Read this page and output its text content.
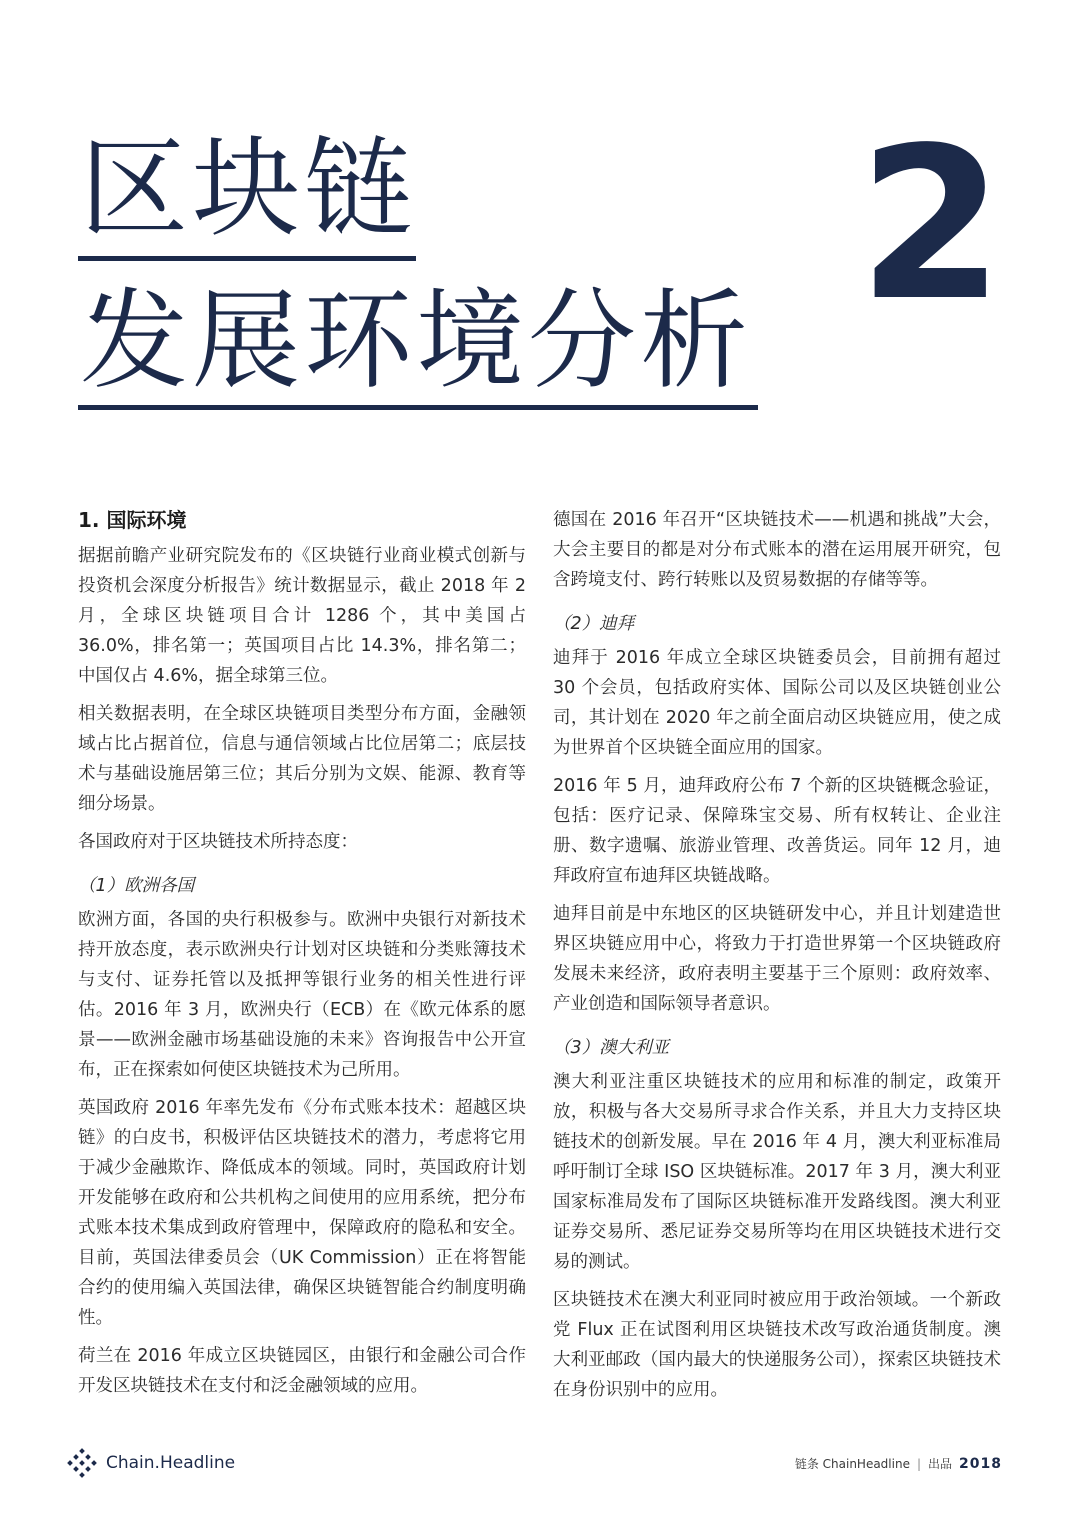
区块链
发展环境分析 2
1. 国际环境

据据前瞻产业研究院发布的《区块链行业商业模式创新与投资机会深度分析报告》统计数据显示，截止 2018 年 2 月，全球区块链项目合计 1286 个，其中美国占 36.0%，排名第一；英国项目占比 14.3%，排名第二；中国仅占 4.6%，据全球第三位。

相关数据表明，在全球区块链项目类型分布方面，金融领域占比占据首位，信息与通信领域占比位居第二；底层技术与基础设施居第三位；其后分别为文娱、能源、教育等细分场景。

各国政府对于区块链技术所持态度：

（1）欧洲各国

欧洲方面，各国的央行积极参与。欧洲中央银行对新技术持开放态度，表示欧洲央行计划对区块链和分类账簿技术与支付、证券托管以及抵押等银行业务的相关性进行评估。2016 年 3 月，欧洲央行（ECB）在《欧元体系的愿景——欧洲金融市场基础设施的未来》咨询报告中公开宣布，正在探索如何使区块链技术为己所用。

英国政府 2016 年率先发布《分布式账本技术：超越区块链》的白皮书，积极评估区块链技术的潜力，考虑将它用于减少金融欺诈、降低成本的领域。同时，英国政府计划开发能够在政府和公共机构之间使用的应用系统，把分布式账本技术集成到政府管理中，保障政府的隐私和安全。目前，英国法律委员会（UK Commission）正在将智能合约的使用编入英国法律，确保区块链智能合约制度明确性。

荷兰在 2016 年成立区块链园区，由银行和金融公司合作开发区块链技术在支付和泛金融领域的应用。

德国在 2016 年召开“区块链技术——机遇和挑战”大会，大会主要目的都是对分布式账本的潜在运用展开研究，包含跨境支付、跨行转账以及贸易数据的存储等等。

（2）迪拜

迪拜于 2016 年成立全球区块链委员会，目前拥有超过 30 个会员，包括政府实体、国际公司以及区块链创业公司，其计划在 2020 年之前全面启动区块链应用，使之成为世界首个区块链全面应用的国家。

2016 年 5 月，迪拜政府公布 7 个新的区块链概念验证，包括：医疗记录、保障珠宝交易、所有权转让、企业注册、数字遗嘱、旅游业管理、改善货运。同年 12 月，迪拜政府宣布迪拜区块链战略。

迪拜目前是中东地区的区块链研发中心，并且计划建造世界区块链应用中心，将致力于打造世界第一个区块链政府发展未来经济，政府表明主要基于三个原则：政府效率、产业创造和国际领导者意识。

（3）澳大利亚

澳大利亚注重区块链技术的应用和标准的制定，政策开放，积极与各大交易所寻求合作关系，并且大力支持区块链技术的创新发展。早在 2016 年 4 月，澳大利亚标准局呼吁制订全球 ISO 区块链标准。2017 年 3 月，澳大利亚国家标准局发布了国际区块链标准开发路线图。澳大利亚证券交易所、悉尼证券交易所等均在用区块链技术进行交易的测试。

区块链技术在澳大利亚同时被应用于政治领域。一个新政党 Flux 正在试图利用区块链技术改写政治通货制度。澳大利亚邮政（国内最大的快递服务公司），探索区块链技术在身份识别中的应用。

Chain.Headline	链条 ChainHeadline | 出品 2018
